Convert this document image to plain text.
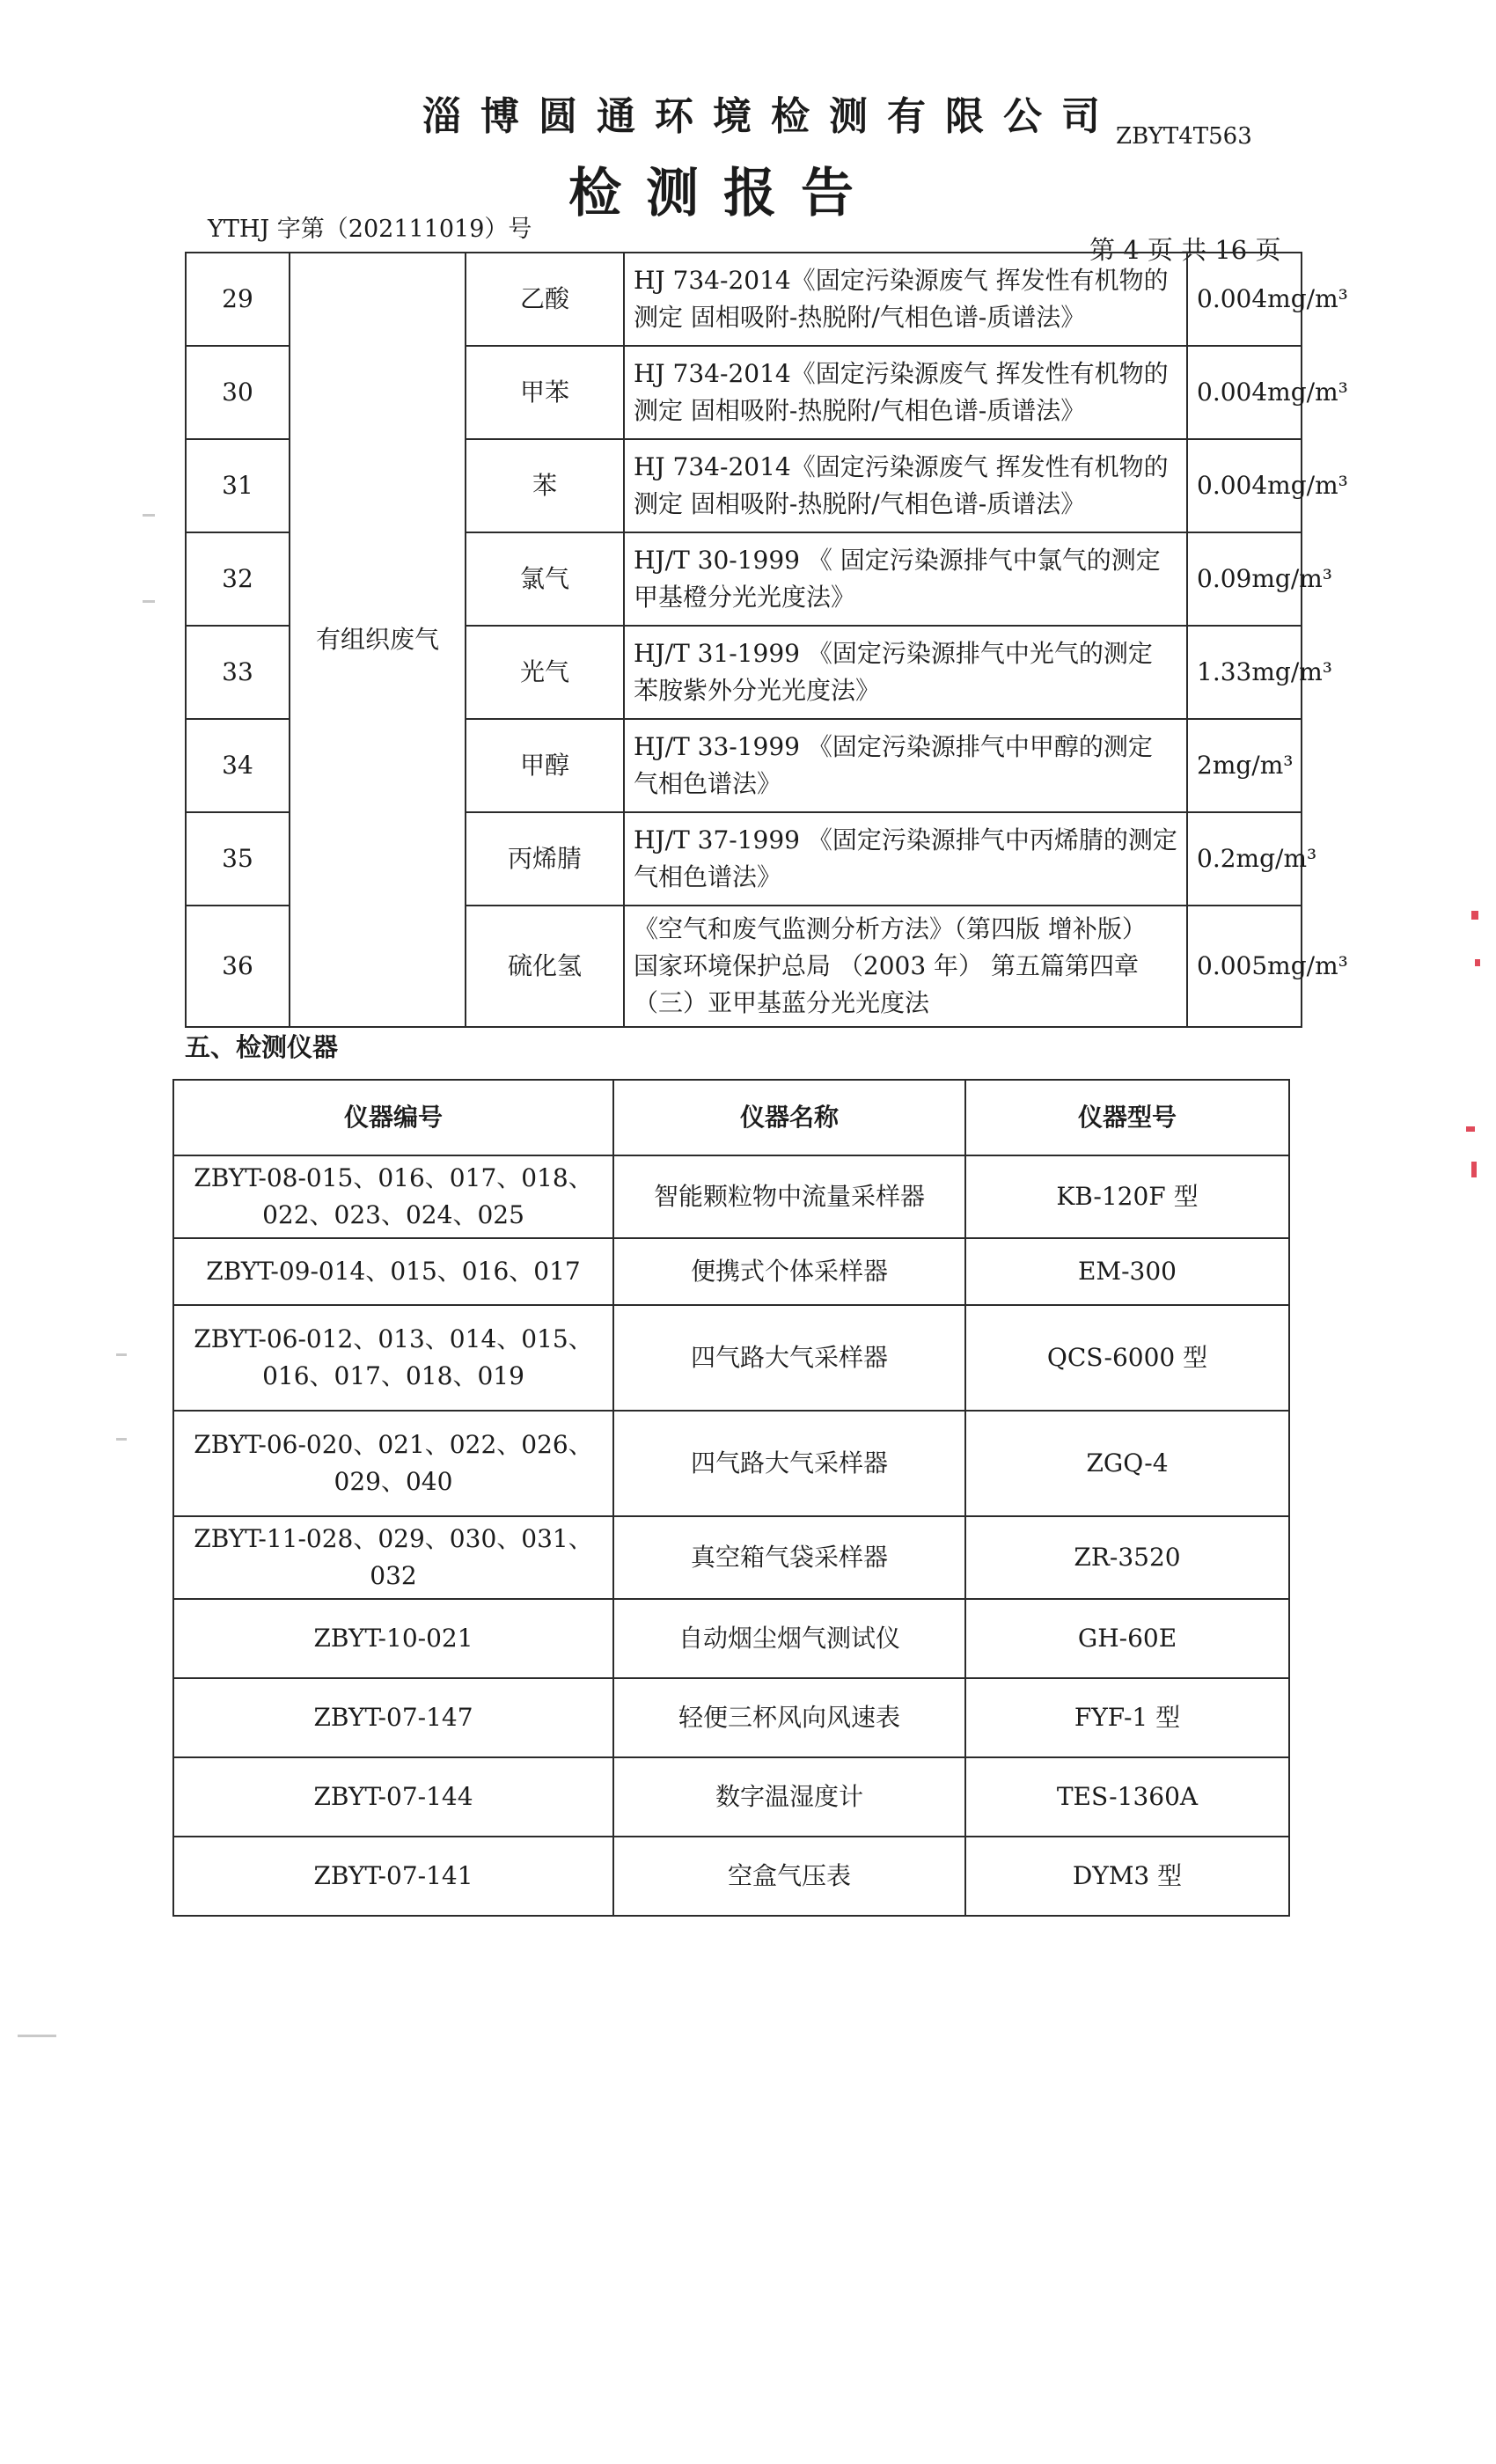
淄博圆通环境检测有限公司
ZBYT4T563
检测报告
YTHJ 字第（202111019）号
第 4 页 共 16 页
29	有组织废气	乙酸	HJ 734-2014《固定污染源废气 挥发性有机物的测定 固相吸附-热脱附/气相色谱-质谱法》	0.004mg/m³
30		甲苯	HJ 734-2014《固定污染源废气 挥发性有机物的测定 固相吸附-热脱附/气相色谱-质谱法》	0.004mg/m³
31		苯	HJ 734-2014《固定污染源废气 挥发性有机物的测定 固相吸附-热脱附/气相色谱-质谱法》	0.004mg/m³
32		氯气	HJ/T 30-1999 《 固定污染源排气中氯气的测定 甲基橙分光光度法》	0.09mg/m³
33		光气	HJ/T 31-1999 《固定污染源排气中光气的测定 苯胺紫外分光光度法》	1.33mg/m³
34		甲醇	HJ/T 33-1999 《固定污染源排气中甲醇的测定 气相色谱法》	2mg/m³
35		丙烯腈	HJ/T 37-1999 《固定污染源排气中丙烯腈的测定 气相色谱法》	0.2mg/m³
36		硫化氢	《空气和废气监测分析方法》（第四版 增补版） 国家环境保护总局 （2003 年） 第五篇第四章 （三）亚甲基蓝分光光度法	0.005mg/m³
五、检测仪器
仪器编号	仪器名称	仪器型号
ZBYT-08-015、016、017、018、022、023、024、025	智能颗粒物中流量采样器	KB-120F 型
ZBYT-09-014、015、016、017	便携式个体采样器	EM-300
ZBYT-06-012、013、014、015、016、017、018、019	四气路大气采样器	QCS-6000 型
ZBYT-06-020、021、022、026、029、040	四气路大气采样器	ZGQ-4
ZBYT-11-028、029、030、031、032	真空箱气袋采样器	ZR-3520
ZBYT-10-021	自动烟尘烟气测试仪	GH-60E
ZBYT-07-147	轻便三杯风向风速表	FYF-1 型
ZBYT-07-144	数字温湿度计	TES-1360A
ZBYT-07-141	空盒气压表	DYM3 型
